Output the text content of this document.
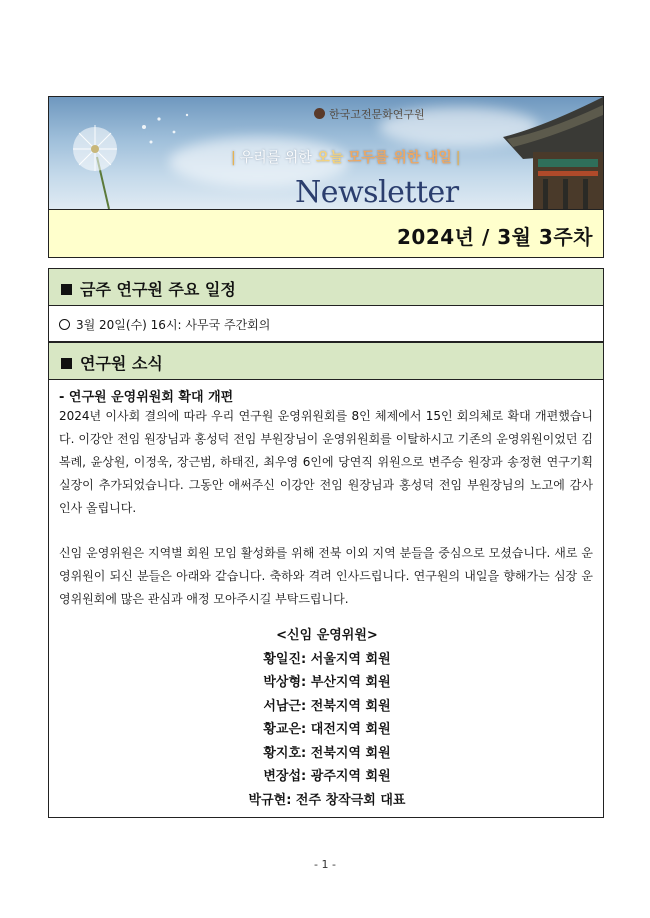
한국고전문화연구원
| 우리를 위한 오늘 모두를 위한 내일 |
Newsletter
2024년 / 3월 3주차
금주 연구원 주요 일정
3월 20일(수) 16시: 사무국 주간회의
연구원 소식
- 연구원 운영위원회 확대 개편
2024년 이사회 결의에 따라 우리 연구원 운영위원회를 8인 체제에서 15인 회의체로 확대 개편했습니다. 이강안 전임 원장님과 홍성덕 전임 부원장님이 운영위원회를 이탈하시고 기존의 운영위원이었던 김복례, 윤상원, 이정욱, 장근범, 하태진, 최우영 6인에 당연직 위원으로 변주승 원장과 송정현 연구기획실장이 추가되었습니다. 그동안 애써주신 이강안 전임 원장님과 홍성덕 전임 부원장님의 노고에 감사 인사 올립니다.
신임 운영위원은 지역별 회원 모임 활성화를 위해 전북 이외 지역 분들을 중심으로 모셨습니다. 새로 운영위원이 되신 분들은 아래와 같습니다. 축하와 격려 인사드립니다. 연구원의 내일을 향해가는 심장 운영위원회에 많은 관심과 애정 모아주시길 부탁드립니다.
<신임 운영위원>
황일진: 서울지역 회원
박상형: 부산지역 회원
서남근: 전북지역 회원
황교은: 대전지역 회원
황지호: 전북지역 회원
변장섭: 광주지역 회원
박규현: 전주 창작극회 대표
- 1 -
